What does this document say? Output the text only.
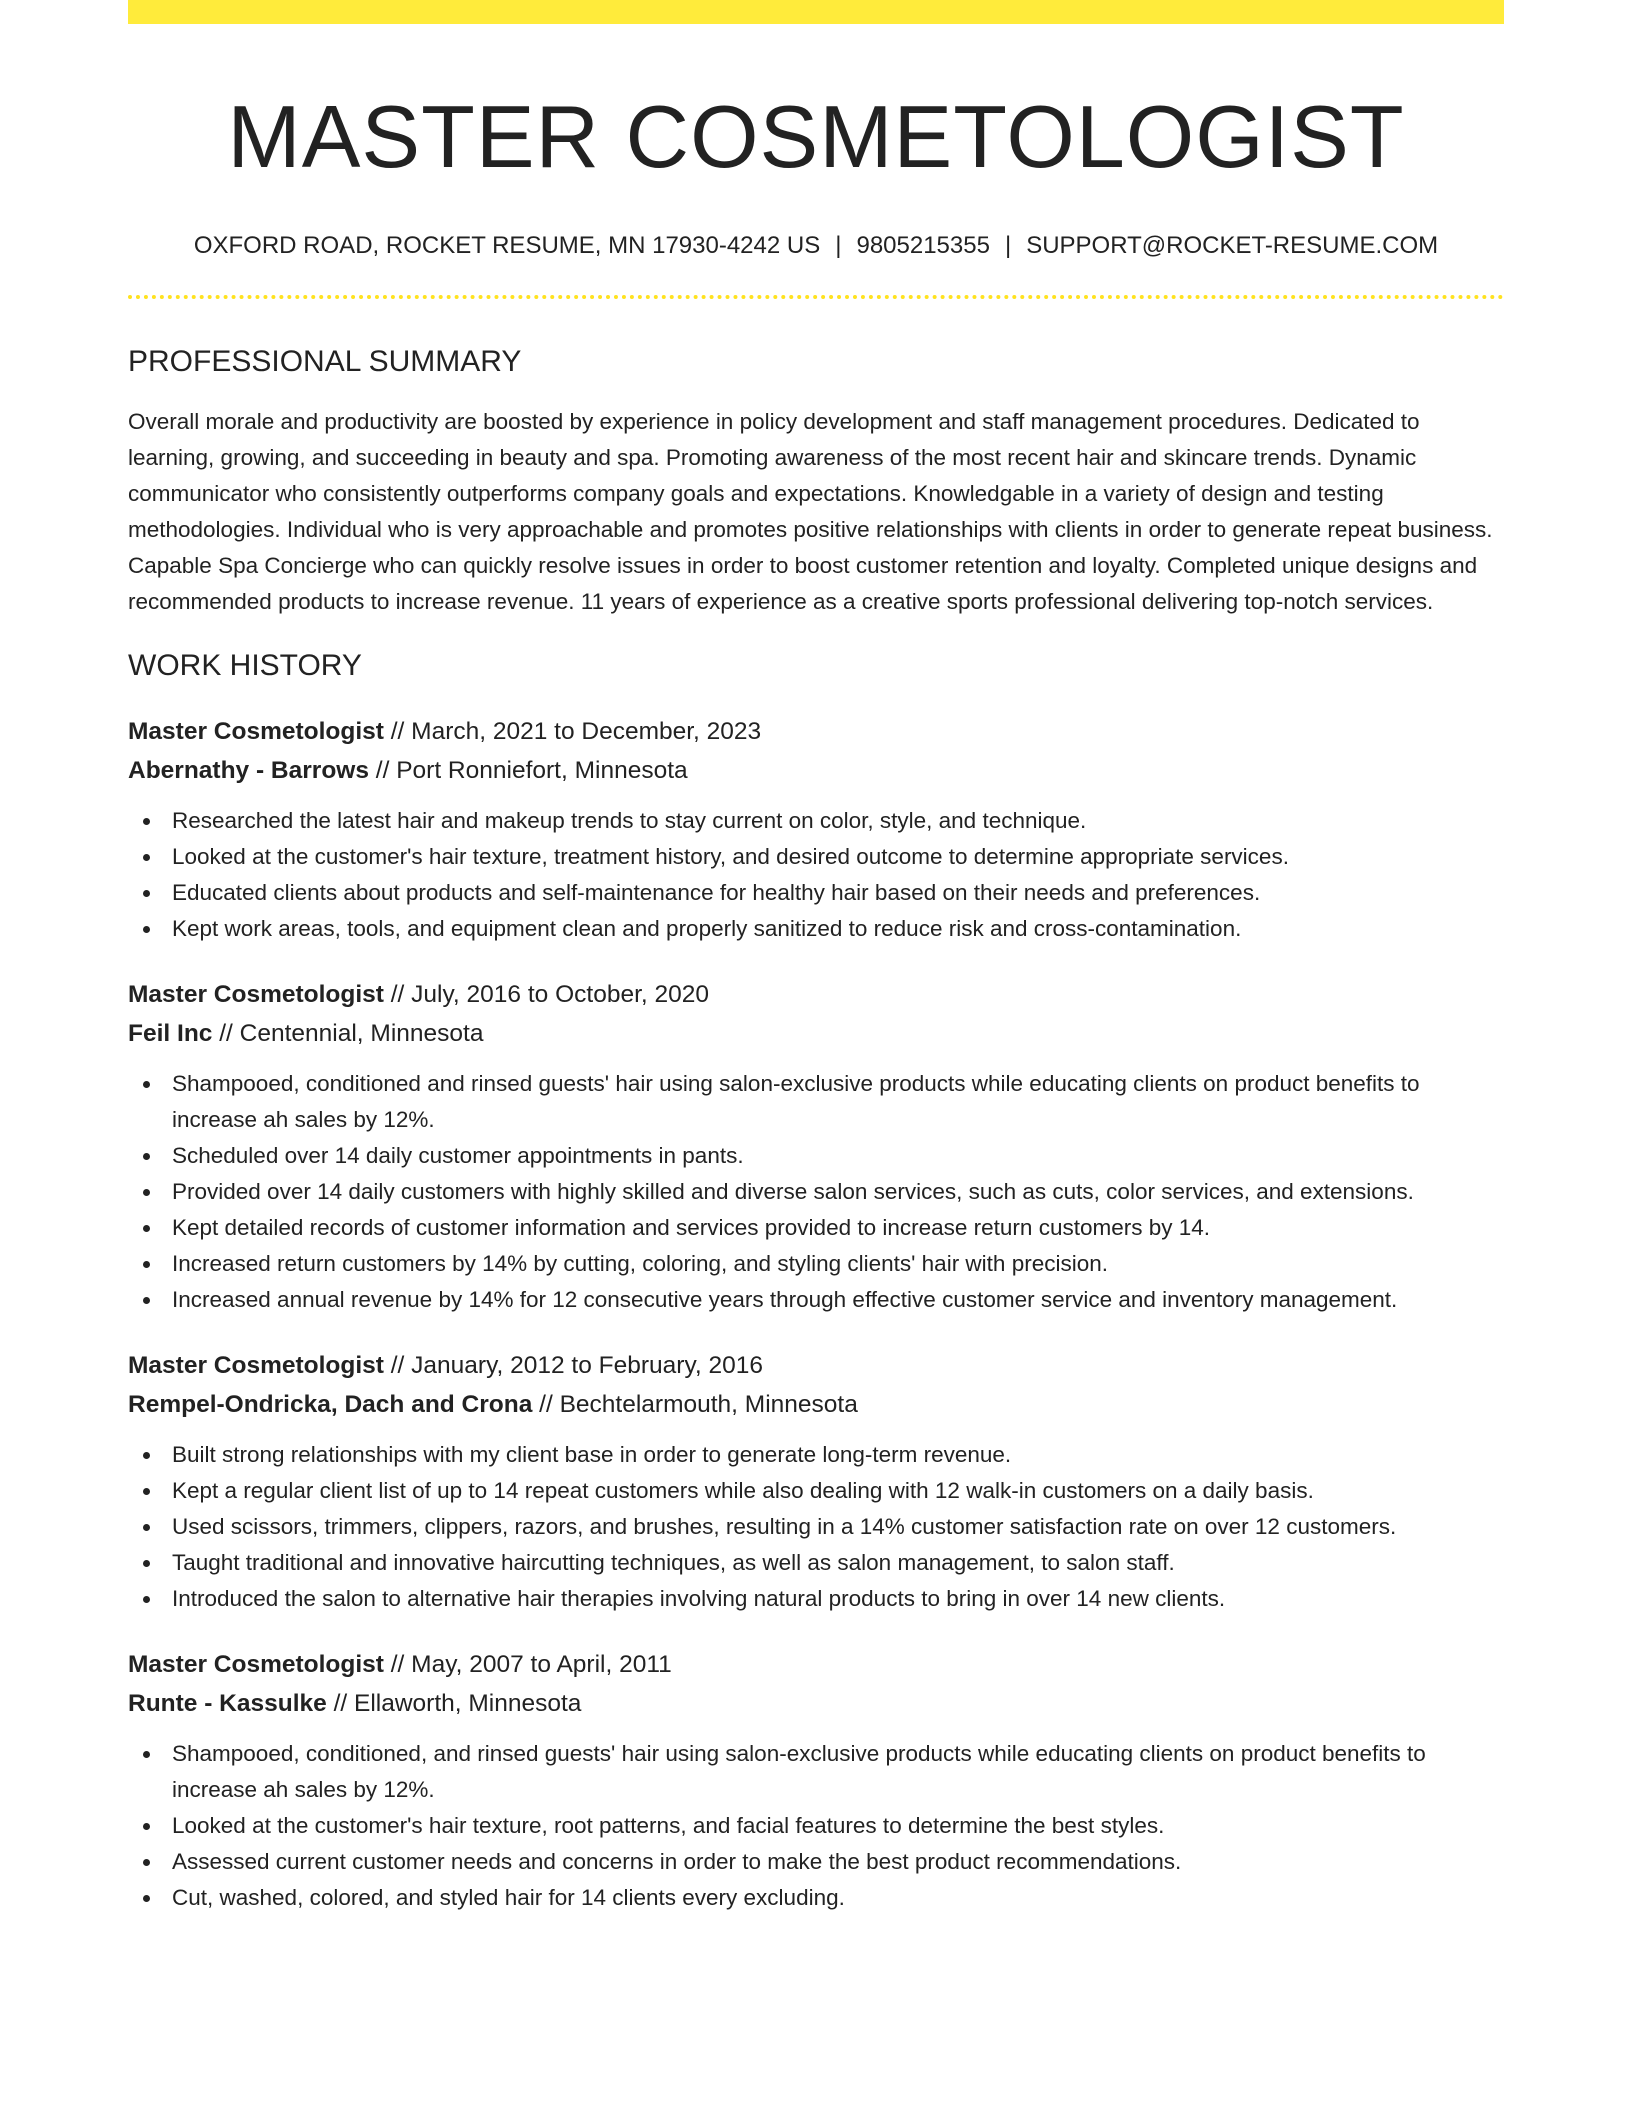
MASTER COSMETOLOGIST
OXFORD ROAD, ROCKET RESUME, MN 17930-4242 US | 9805215355 | SUPPORT@ROCKET-RESUME.COM
PROFESSIONAL SUMMARY

Overall morale and productivity are boosted by experience in policy development and staff management procedures. Dedicated to learning, growing, and succeeding in beauty and spa. Promoting awareness of the most recent hair and skincare trends. Dynamic communicator who consistently outperforms company goals and expectations. Knowledgable in a variety of design and testing methodologies. Individual who is very approachable and promotes positive relationships with clients in order to generate repeat business. Capable Spa Concierge who can quickly resolve issues in order to boost customer retention and loyalty. Completed unique designs and recommended products to increase revenue. 11 years of experience as a creative sports professional delivering top-notch services.

WORK HISTORY
Master Cosmetologist // March, 2021 to December, 2023
Abernathy - Barrows // Port Ronniefort, Minnesota
Researched the latest hair and makeup trends to stay current on color, style, and technique.
Looked at the customer's hair texture, treatment history, and desired outcome to determine appropriate services.
Educated clients about products and self-maintenance for healthy hair based on their needs and preferences.
Kept work areas, tools, and equipment clean and properly sanitized to reduce risk and cross-contamination.
Master Cosmetologist // July, 2016 to October, 2020
Feil Inc // Centennial, Minnesota
Shampooed, conditioned and rinsed guests' hair using salon-exclusive products while educating clients on product benefits to increase ah sales by 12%.
Scheduled over 14 daily customer appointments in pants.
Provided over 14 daily customers with highly skilled and diverse salon services, such as cuts, color services, and extensions.
Kept detailed records of customer information and services provided to increase return customers by 14.
Increased return customers by 14% by cutting, coloring, and styling clients' hair with precision.
Increased annual revenue by 14% for 12 consecutive years through effective customer service and inventory management.
Master Cosmetologist // January, 2012 to February, 2016
Rempel-Ondricka, Dach and Crona // Bechtelarmouth, Minnesota
Built strong relationships with my client base in order to generate long-term revenue.
Kept a regular client list of up to 14 repeat customers while also dealing with 12 walk-in customers on a daily basis.
Used scissors, trimmers, clippers, razors, and brushes, resulting in a 14% customer satisfaction rate on over 12 customers.
Taught traditional and innovative haircutting techniques, as well as salon management, to salon staff.
Introduced the salon to alternative hair therapies involving natural products to bring in over 14 new clients.
Master Cosmetologist // May, 2007 to April, 2011
Runte - Kassulke // Ellaworth, Minnesota
Shampooed, conditioned, and rinsed guests' hair using salon-exclusive products while educating clients on product benefits to increase ah sales by 12%.
Looked at the customer's hair texture, root patterns, and facial features to determine the best styles.
Assessed current customer needs and concerns in order to make the best product recommendations.
Cut, washed, colored, and styled hair for 14 clients every excluding.
